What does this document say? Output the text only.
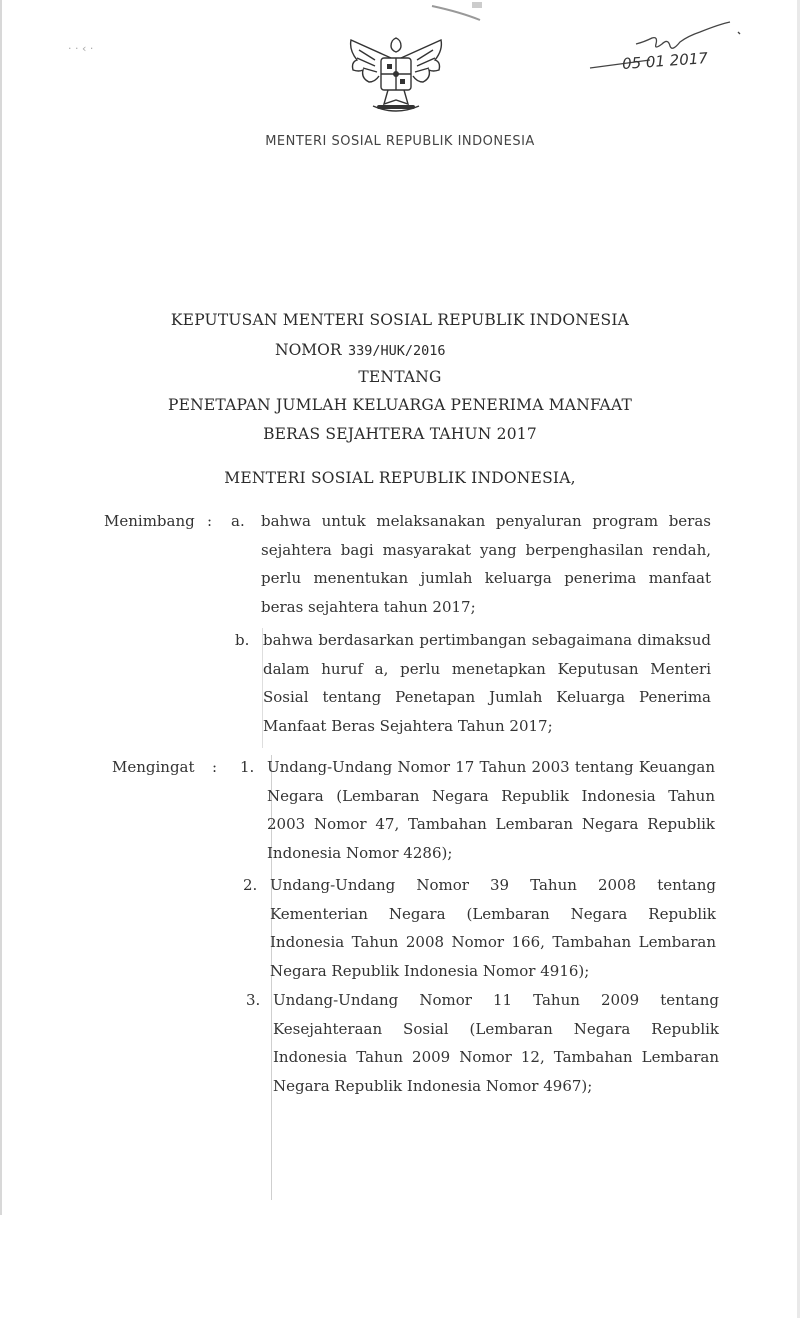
· · ‹ ·
MENTERI SOSIAL REPUBLIK INDONESIA
05 01 2017
KEPUTUSAN MENTERI SOSIAL REPUBLIK INDONESIA
NOMOR 339/HUK/2016
TENTANG
PENETAPAN JUMLAH KELUARGA PENERIMA MANFAAT
BERAS SEJAHTERA TAHUN 2017
MENTERI SOSIAL REPUBLIK INDONESIA,
Menimbang : a. bahwa untuk melaksanakan penyaluran program beras sejahtera bagi masyarakat yang berpenghasilan rendah, perlu menentukan jumlah keluarga penerima manfaat beras sejahtera tahun 2017;
b. bahwa berdasarkan pertimbangan sebagaimana dimaksud dalam huruf a, perlu menetapkan Keputusan Menteri Sosial tentang Penetapan Jumlah Keluarga Penerima Manfaat Beras Sejahtera Tahun 2017;
Mengingat : 1. Undang-Undang Nomor 17 Tahun 2003 tentang Keuangan Negara (Lembaran Negara Republik Indonesia Tahun 2003 Nomor 47, Tambahan Lembaran Negara Republik Indonesia Nomor 4286);
2. Undang-Undang Nomor 39 Tahun 2008 tentang Kementerian Negara (Lembaran Negara Republik Indonesia Tahun 2008 Nomor 166, Tambahan Lembaran Negara Republik Indonesia Nomor 4916);
3. Undang-Undang Nomor 11 Tahun 2009 tentang Kesejahteraan Sosial (Lembaran Negara Republik Indonesia Tahun 2009 Nomor 12, Tambahan Lembaran Negara Republik Indonesia Nomor 4967);
